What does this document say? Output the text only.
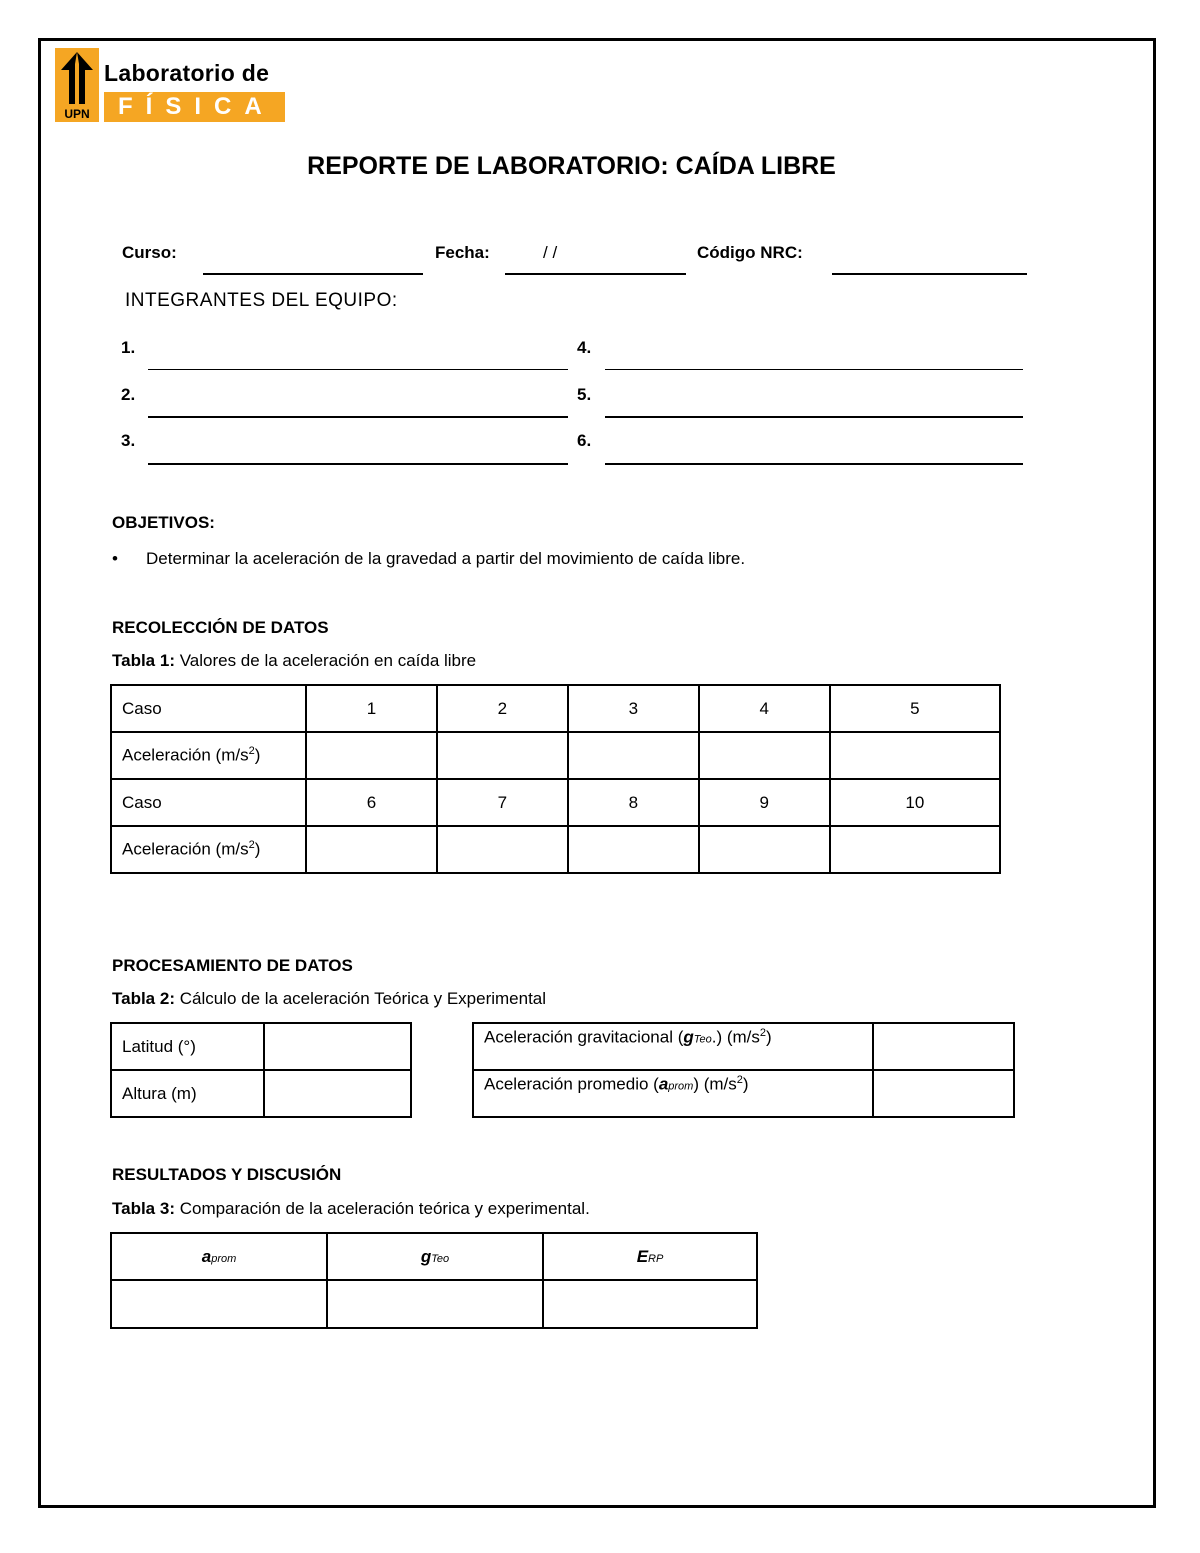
UPN
Laboratorio de
FÍSICA
REPORTE DE LABORATORIO: CAÍDA LIBRE
Curso:	Fecha:	/ /	Código NRC:
INTEGRANTES DEL EQUIPO:
1.
2.
3.
4.
5.
6.
OBJETIVOS:
• Determinar la aceleración de la gravedad a partir del movimiento de caída libre.
RECOLECCIÓN DE DATOS
Tabla 1: Valores de la aceleración en caída libre
Caso	1	2	3	4	5
Aceleración $(m/s^2)$					
Caso	6	7	8	9	10
Aceleración $(m/s^2)$					
PROCESAMIENTO DE DATOS
Tabla 2: Cálculo de la aceleración Teórica y Experimental
Latitud (°)	
Altura (m)	
Aceleración gravitacional (gTeo.) $(m/s^2)$	
Aceleración promedio (aprom) $(m/s^2)$	
RESULTADOS Y DISCUSIÓN
Tabla 3: Comparación de la aceleración teórica y experimental.
aprom	gTeo	ERP
